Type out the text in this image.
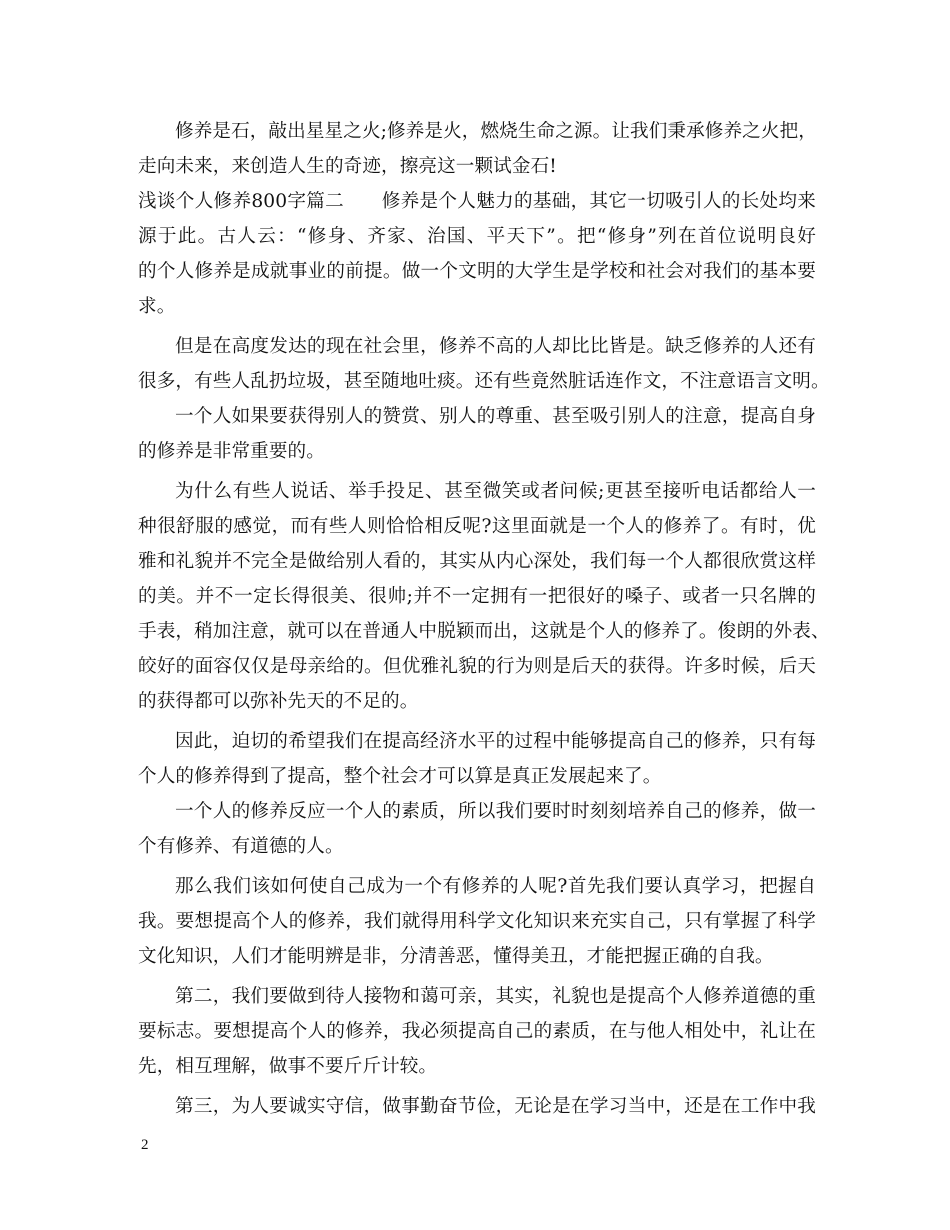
修养是石，敲出星星之火;修养是火，燃烧生命之源。让我们秉承修养之火把，
走向未来，来创造人生的奇迹，擦亮这一颗试金石!
浅谈个人修养800字篇二　　修养是个人魅力的基础，其它一切吸引人的长处均来
源于此。古人云：“修身、齐家、治国、平天下”。把“修身”列在首位说明良好
的个人修养是成就事业的前提。做一个文明的大学生是学校和社会对我们的基本要
求。
但是在高度发达的现在社会里，修养不高的人却比比皆是。缺乏修养的人还有
很多，有些人乱扔垃圾，甚至随地吐痰。还有些竟然脏话连作文，不注意语言文明。
一个人如果要获得别人的赞赏、别人的尊重、甚至吸引别人的注意，提高自身
的修养是非常重要的。
为什么有些人说话、举手投足、甚至微笑或者问候;更甚至接听电话都给人一
种很舒服的感觉，而有些人则恰恰相反呢?这里面就是一个人的修养了。有时，优
雅和礼貌并不完全是做给别人看的，其实从内心深处，我们每一个人都很欣赏这样
的美。并不一定长得很美、很帅;并不一定拥有一把很好的嗓子、或者一只名牌的
手表，稍加注意，就可以在普通人中脱颖而出，这就是个人的修养了。俊朗的外表、
皎好的面容仅仅是母亲给的。但优雅礼貌的行为则是后天的获得。许多时候，后天
的获得都可以弥补先天的不足的。
因此，迫切的希望我们在提高经济水平的过程中能够提高自己的修养，只有每
个人的修养得到了提高，整个社会才可以算是真正发展起来了。
一个人的修养反应一个人的素质，所以我们要时时刻刻培养自己的修养，做一
个有修养、有道德的人。
那么我们该如何使自己成为一个有修养的人呢?首先我们要认真学习，把握自
我。要想提高个人的修养，我们就得用科学文化知识来充实自己，只有掌握了科学
文化知识，人们才能明辨是非，分清善恶，懂得美丑，才能把握正确的自我。
第二，我们要做到待人接物和蔼可亲，其实，礼貌也是提高个人修养道德的重
要标志。要想提高个人的修养，我必须提高自己的素质，在与他人相处中，礼让在
先，相互理解，做事不要斤斤计较。
第三，为人要诚实守信，做事勤奋节俭，无论是在学习当中，还是在工作中我
2
